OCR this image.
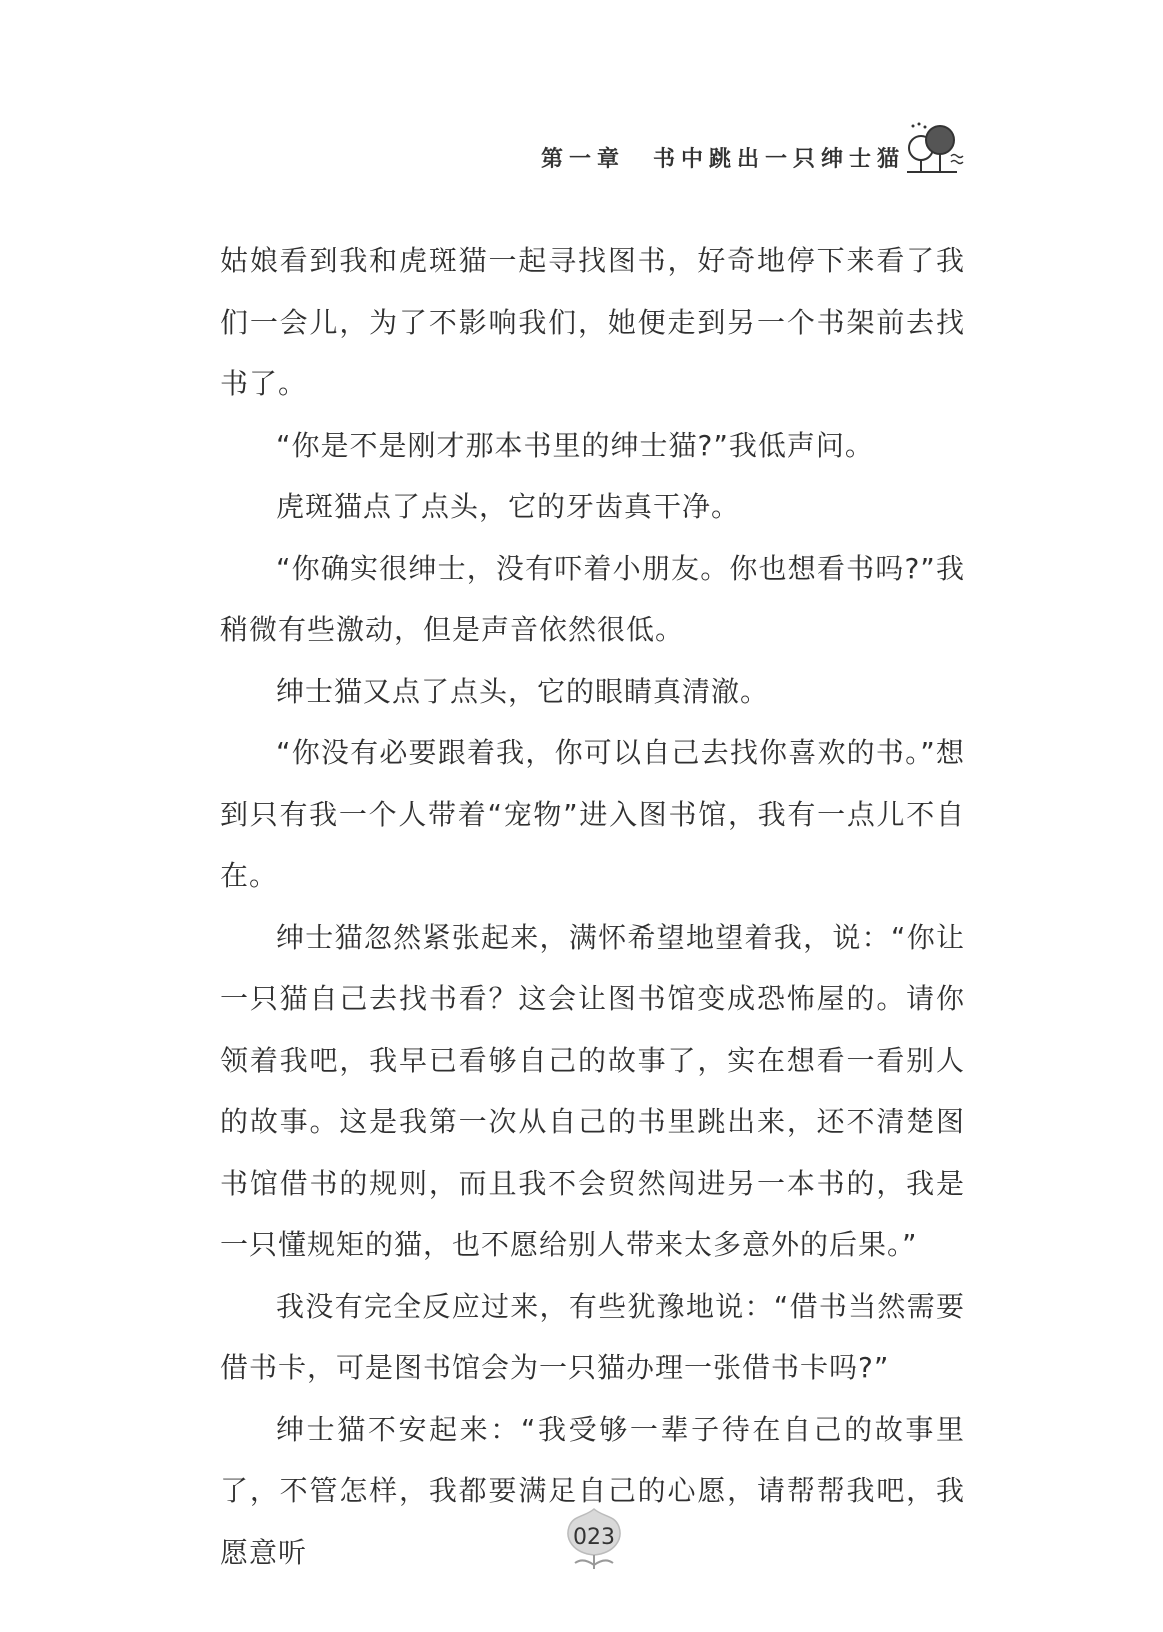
第一章　书中跳出一只绅士猫

姑娘看到我和虎斑猫一起寻找图书，好奇地停下来看了我们一会儿，为了不影响我们，她便走到另一个书架前去找书了。

“你是不是刚才那本书里的绅士猫?”我低声问。

虎斑猫点了点头，它的牙齿真干净。

“你确实很绅士，没有吓着小朋友。你也想看书吗?”我稍微有些激动，但是声音依然很低。

绅士猫又点了点头，它的眼睛真清澈。

“你没有必要跟着我，你可以自己去找你喜欢的书。”想到只有我一个人带着“宠物”进入图书馆，我有一点儿不自在。

绅士猫忽然紧张起来，满怀希望地望着我，说：“你让一只猫自己去找书看？这会让图书馆变成恐怖屋的。请你领着我吧，我早已看够自己的故事了，实在想看一看别人的故事。这是我第一次从自己的书里跳出来，还不清楚图书馆借书的规则，而且我不会贸然闯进另一本书的，我是一只懂规矩的猫，也不愿给别人带来太多意外的后果。”

我没有完全反应过来，有些犹豫地说：“借书当然需要借书卡，可是图书馆会为一只猫办理一张借书卡吗?”

绅士猫不安起来：“我受够一辈子待在自己的故事里了，不管怎样，我都要满足自己的心愿，请帮帮我吧，我愿意听	023
